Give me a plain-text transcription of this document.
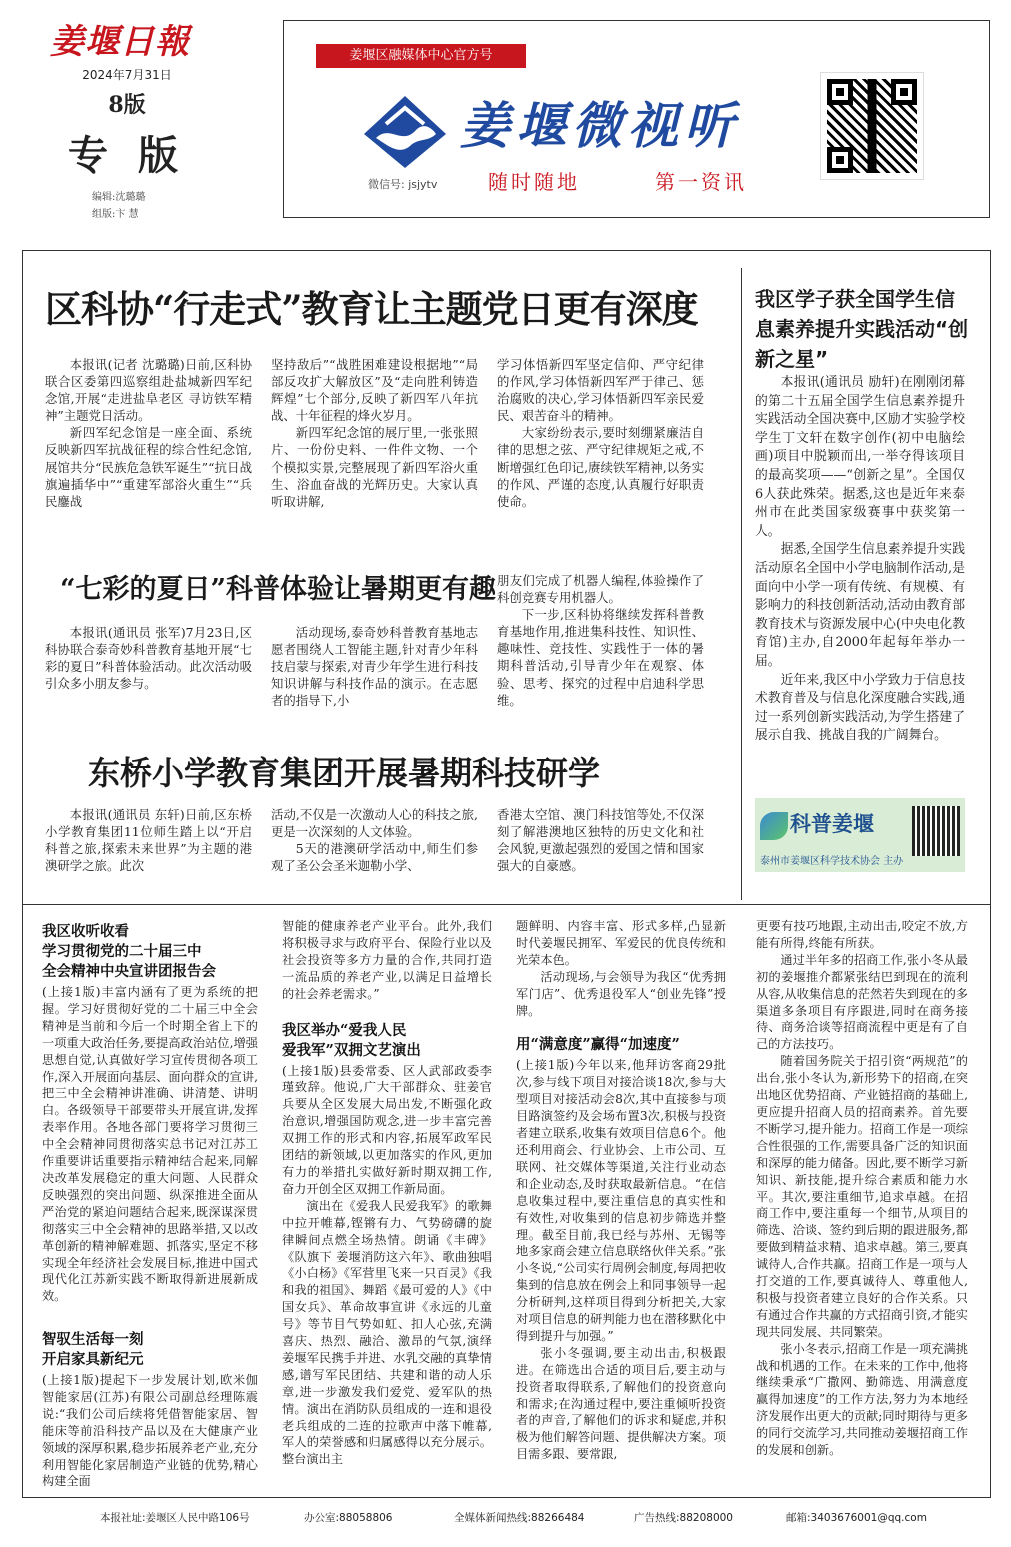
姜堰日報
2024年7月31日
8版
专 版
编辑:沈璐璐
组版:卞 慧
姜堰区融媒体中心官方号
姜堰微视听
微信号: jsjytv	随时随地	第一资讯
区科协“行走式”教育让主题党日更有深度

本报讯(记者 沈璐璐)日前,区科协联合区委第四巡察组赴盐城新四军纪念馆,开展“走进盐阜老区 寻访铁军精神”主题党日活动。

新四军纪念馆是一座全面、系统反映新四军抗战征程的综合性纪念馆,展馆共分“民族危急铁军诞生”“抗日战旗遍插华中”“重建军部浴火重生”“兵民鏖战

坚持敌后”“战胜困难建设根据地”“局部反攻扩大解放区”及“走向胜利铸造辉煌”七个部分,反映了新四军八年抗战、十年征程的烽火岁月。

新四军纪念馆的展厅里,一张张照片、一份份史料、一件件文物、一个个模拟实景,完整展现了新四军浴火重生、浴血奋战的光辉历史。大家认真听取讲解,

学习体悟新四军坚定信仰、严守纪律的作风,学习体悟新四军严于律己、惩治腐败的决心,学习体悟新四军亲民爱民、艰苦奋斗的精神。

大家纷纷表示,要时刻绷紧廉洁自律的思想之弦、严守纪律规矩之戒,不断增强红色印记,赓续铁军精神,以务实的作风、严谨的态度,认真履行好职责使命。

“七彩的夏日”科普体验让暑期更有趣

本报讯(通讯员 张军)7月23日,区科协联合泰奇妙科普教育基地开展“七彩的夏日”科普体验活动。此次活动吸引众多小朋友参与。

活动现场,泰奇妙科普教育基地志愿者围绕人工智能主题,针对青少年科技启蒙与探索,对青少年学生进行科技知识讲解与科技作品的演示。在志愿者的指导下,小

朋友们完成了机器人编程,体验操作了科创竞赛专用机器人。

下一步,区科协将继续发挥科普教育基地作用,推进集科技性、知识性、趣味性、竞技性、实践性于一体的暑期科普活动,引导青少年在观察、体验、思考、探究的过程中启迪科学思维。

东桥小学教育集团开展暑期科技研学

本报讯(通讯员 东轩)日前,区东桥小学教育集团11位师生踏上以“开启科普之旅,探索未来世界”为主题的港澳研学之旅。此次

活动,不仅是一次激动人心的科技之旅,更是一次深刻的人文体验。

5天的港澳研学活动中,师生们参观了圣公会圣米迦勒小学、

香港太空馆、澳门科技馆等处,不仅深刻了解港澳地区独特的历史文化和社会风貌,更激起强烈的爱国之情和国家强大的自豪感。

我区学子获全国学生信息素养提升实践活动“创新之星”

本报讯(通讯员 励轩)在刚刚闭幕的第二十五届全国学生信息素养提升实践活动全国决赛中,区励才实验学校学生丁文轩在数字创作(初中电脑绘画)项目中脱颖而出,一举夺得该项目的最高奖项——“创新之星”。全国仅6人获此殊荣。据悉,这也是近年来泰州市在此类国家级赛事中获奖第一人。

据悉,全国学生信息素养提升实践活动原名全国中小学电脑制作活动,是面向中小学一项有传统、有规模、有影响力的科技创新活动,活动由教育部教育技术与资源发展中心(中央电化教育馆)主办,自2000年起每年举办一届。

近年来,我区中小学致力于信息技术教育普及与信息化深度融合实践,通过一系列创新实践活动,为学生搭建了展示自我、挑战自我的广阔舞台。

科普姜堰
泰州市姜堰区科学技术协会 主办
我区收听收看
学习贯彻党的二十届三中
全会精神中央宣讲团报告会

(上接1版)丰富内涵有了更为系统的把握。学习好贯彻好党的二十届三中全会精神是当前和今后一个时期全省上下的一项重大政治任务,要提高政治站位,增强思想自觉,认真做好学习宣传贯彻各项工作,深入开展面向基层、面向群众的宣讲,把三中全会精神讲准确、讲清楚、讲明白。各级领导干部要带头开展宣讲,发挥表率作用。各地各部门要将学习贯彻三中全会精神同贯彻落实总书记对江苏工作重要讲话重要指示精神结合起来,同解决改革发展稳定的重大问题、人民群众反映强烈的突出问题、纵深推进全面从严治党的紧迫问题结合起来,既深谋深贯彻落实三中全会精神的思路举措,又以改革创新的精神解难题、抓落实,坚定不移实现全年经济社会发展目标,推进中国式现代化江苏新实践不断取得新进展新成效。

智驭生活每一刻
开启家具新纪元

(上接1版)提起下一步发展计划,欧米伽智能家居(江苏)有限公司副总经理陈震说:“我们公司后续将凭借智能家居、智能床等前沿科技产品以及在大健康产业领域的深厚积累,稳步拓展养老产业,充分利用智能化家居制造产业链的优势,精心构建全面

智能的健康养老产业平台。此外,我们将积极寻求与政府平台、保险行业以及社会投资等多方力量的合作,共同打造一流品质的养老产业,以满足日益增长的社会养老需求。”

我区举办“爱我人民
爱我军”双拥文艺演出

(上接1版)县委常委、区人武部政委李瑾致辞。他说,广大干部群众、驻姜官兵要从全区发展大局出发,不断强化政治意识,增强国防观念,进一步丰富完善双拥工作的形式和内容,拓展军政军民团结的新领域,以更加落实的作风,更加有力的举措扎实做好新时期双拥工作,奋力开创全区双拥工作新局面。

演出在《爱我人民爱我军》的歌舞中拉开帷幕,铿锵有力、气势磅礴的旋律瞬间点燃全场热情。朗诵《丰碑》《队旗下 姜堰消防这六年》、歌曲独唱《小白杨》《军营里飞来一只百灵》《我和我的祖国》、舞蹈《最可爱的人》《中国女兵》、革命故事宣讲《永远的儿童号》等节目气势如虹、扣人心弦,充满喜庆、热烈、融洽、激昂的气氛,演绎姜堰军民携手并进、水乳交融的真挚情感,谱写军民团结、共建和谐的动人乐章,进一步激发我们爱党、爱军队的热情。演出在消防队员组成的一连和退役老兵组成的二连的拉歌声中落下帷幕,军人的荣誉感和归属感得以充分展示。整台演出主

题鲜明、内容丰富、形式多样,凸显新时代姜堰民拥军、军爱民的优良传统和光荣本色。

活动现场,与会领导为我区“优秀拥军门店”、优秀退役军人“创业先锋”授牌。

用“满意度”赢得“加速度”

(上接1版)今年以来,他拜访客商29批次,参与线下项目对接洽谈18次,参与大型项目对接活动会8次,其中直接参与项目路演签约及会场布置3次,积极与投资者建立联系,收集有效项目信息6个。他还利用商会、行业协会、上市公司、互联网、社交媒体等渠道,关注行业动态和企业动态,及时获取最新信息。“在信息收集过程中,要注重信息的真实性和有效性,对收集到的信息初步筛选并整理。截至目前,我已经与苏州、无锡等地多家商会建立信息联络伙伴关系。”张小冬说,“公司实行周例会制度,每周把收集到的信息放在例会上和同事领导一起分析研判,这样项目得到分析把关,大家对项目信息的研判能力也在潜移默化中得到提升与加强。”

张小冬强调,要主动出击,积极跟进。在筛选出合适的项目后,要主动与投资者取得联系,了解他们的投资意向和需求;在沟通过程中,要注重倾听投资者的声音,了解他们的诉求和疑虑,并积极为他们解答问题、提供解决方案。项目需多跟、要常跟,

更要有技巧地跟,主动出击,咬定不放,方能有所得,终能有所获。

通过半年多的招商工作,张小冬从最初的姜堰推介都紧张结巴到现在的流利从容,从收集信息的茫然若失到现在的多渠道多条项目有序跟进,同时在商务接待、商务洽谈等招商流程中更是有了自己的方法技巧。

随着国务院关于招引资“两规范”的出台,张小冬认为,新形势下的招商,在突出地区优势招商、产业链招商的基础上,更应提升招商人员的招商素养。首先要不断学习,提升能力。招商工作是一项综合性很强的工作,需要具备广泛的知识面和深厚的能力储备。因此,要不断学习新知识、新技能,提升综合素质和能力水平。其次,要注重细节,追求卓越。在招商工作中,要注重每一个细节,从项目的筛选、洽谈、签约到后期的跟进服务,都要做到精益求精、追求卓越。第三,要真诚待人,合作共赢。招商工作是一项与人打交道的工作,要真诚待人、尊重他人,积极与投资者建立良好的合作关系。只有通过合作共赢的方式招商引资,才能实现共同发展、共同繁荣。

张小冬表示,招商工作是一项充满挑战和机遇的工作。在未来的工作中,他将继续秉承“广撒网、勤筛选、用满意度赢得加速度”的工作方法,努力为本地经济发展作出更大的贡献;同时期待与更多的同行交流学习,共同推动姜堰招商工作的发展和创新。

本报社址:姜堰区人民中路106号	办公室:88058806	全媒体新闻热线:88266484	广告热线:88208000	邮箱:3403676001@qq.com
